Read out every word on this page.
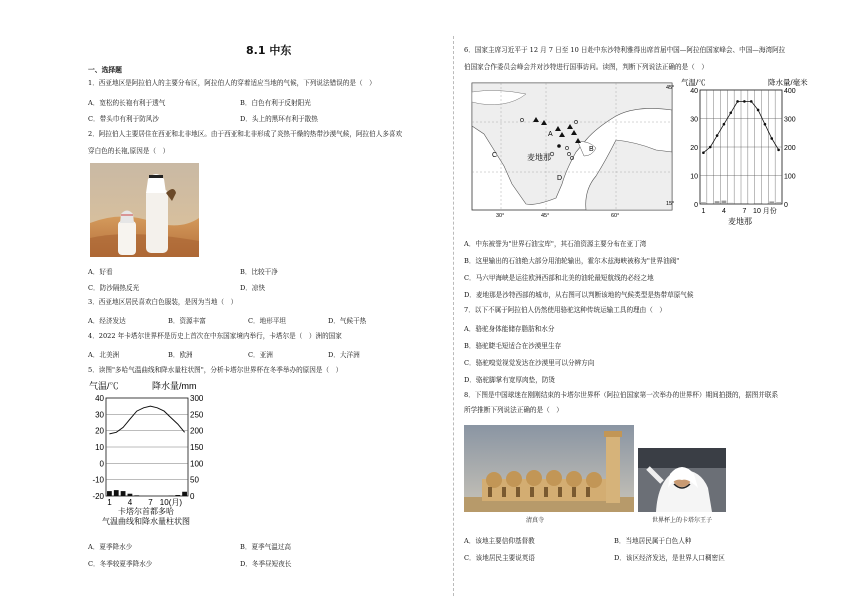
8.1 中东
一、选择题
1．西亚地区是阿拉伯人的主要分布区，阿拉伯人的穿着适应当地的气候，下列说法错误的是（　）
A．宽松的长袍有利于透气	B．白色有利于反射阳光
C．带头巾有利于防风沙	D．头上的黑环有利于散热
2．阿拉伯人主要居住在西亚和北非地区。由于西亚和北非形成了炎热干燥的热带沙漠气候，阿拉伯人多喜欢
穿白色的长袍,原因是（　）
A．好看	B．比较干净
C．防沙隔热反光	D．凉快
3．西亚地区居民喜欢白色服装，是因为当地（　）
A．经济发达	B．资源丰富	C．地形平坦	D．气候干热
4．2022 年卡塔尔世界杯是历史上首次在中东国家境内举行，卡塔尔是（　）洲的国家
A．北美洲	B．欧洲	C．亚洲	D．大洋洲
5．读图"多哈气温曲线和降水量柱状图"，分析卡塔尔世界杯在冬季举办的原因是（　）
气温/℃	降水量/mm
40	300
30	250
20	200
10	150
0	100
-10	50
-20	0
1 4 7 10(月)
卡塔尔首都多哈
气温曲线和降水量柱状图
A．夏季降水少	B．夏季气温过高
C．冬季较夏季降水少	D．冬季昼短夜长
6．国家主席习近平于 12 月 7 日至 10 日赴中东沙特利雅得出席首届中国—阿拉伯国家峰会、中国—海湾阿拉
伯国家合作委员会峰会并对沙特进行国事访问。读图，判断下列说法正确的是（　）
麦地那
A
B
C
D
30°	45°	60°
45°
15°
气温/℃	降水量/毫米
40	400
30	300
20	200
10	100
0	0
1 4 7 10 月份
麦地那
A．中东被誉为"世界石油宝库"，其石油资源主要分布在亚丁湾
B．这里输出的石油绝大部分用油轮输出，霍尔木兹海峡被称为"世界油阀"
C．马六甲海峡是运往欧洲西部和北美的油轮最短航线的必经之地
D．麦地那是沙特西部的城市，从右图可以判断该地的气候类型是热带草原气候
7．以下不属于阿拉伯人仍然使用骆驼这种传统运输工具的理由（　）
A．骆驼身体能储存脂肪和水分
B．骆驼睫毛短适合在沙漠里生存
C．骆驼嗅觉视觉发达在沙漠里可以分辨方向
D．骆驼脚掌有宽厚肉垫，防烫
8．下图是中国球迷在刚刚结束的卡塔尔世界杯（阿拉伯国家第一次举办的世界杯）期间拍摄的，据图并联系
所学推断下列说法正确的是（　）
清真寺	世界杯上的卡塔尔王子
A．该地主要信仰基督教	B．当地居民属于白色人种
C．该地居民主要说英语	D．该区经济发达，是世界人口稠密区
